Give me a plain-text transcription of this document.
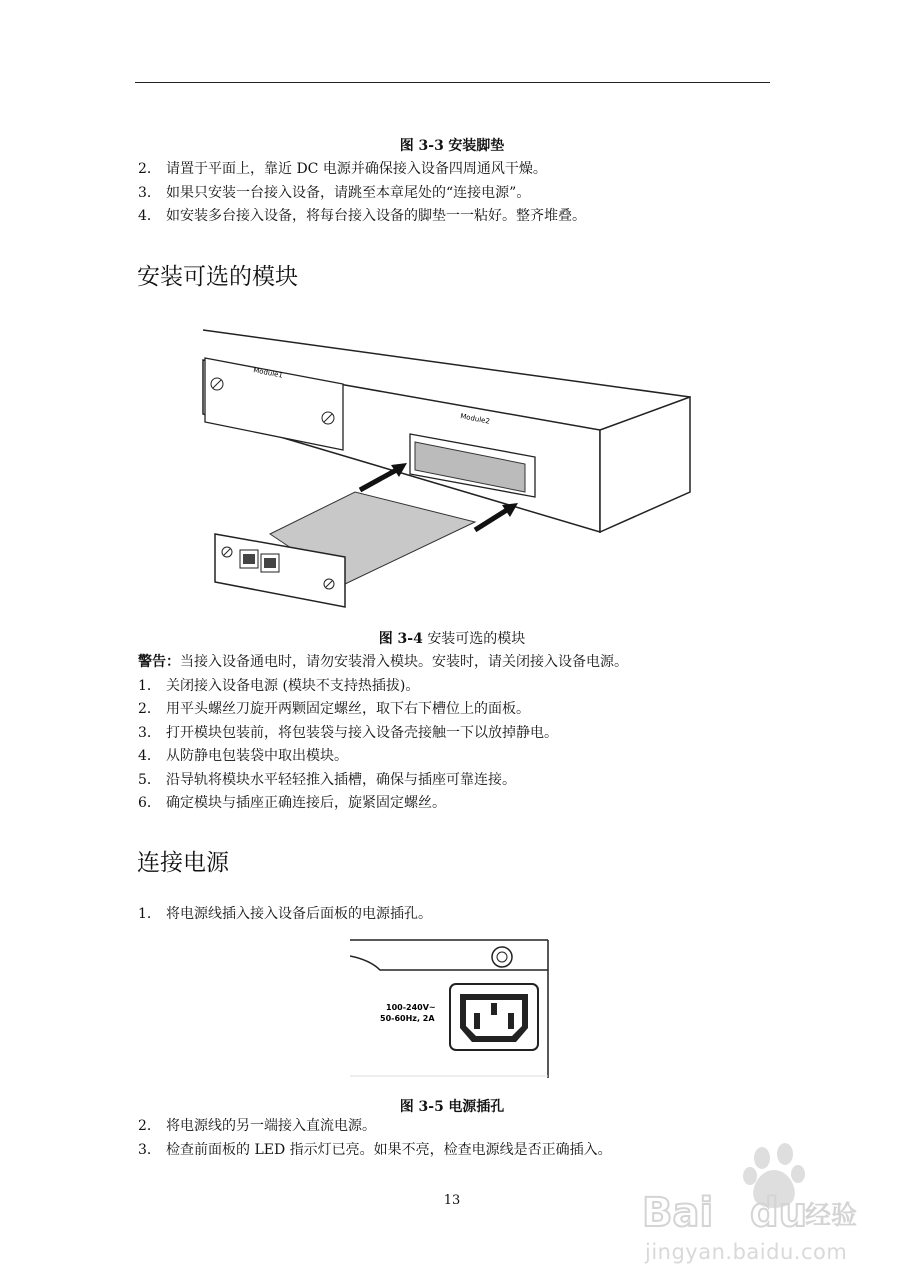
图 3-3 安装脚垫
2． 请置于平面上，靠近 DC 电源并确保接入设备四周通风干燥。
3． 如果只安装一台接入设备，请跳至本章尾处的“连接电源”。
4． 如安装多台接入设备，将每台接入设备的脚垫一一粘好。整齐堆叠。
安装可选的模块
Module1
Module2
图 3-4 安装可选的模块
警告：当接入设备通电时，请勿安装滑入模块。安装时，请关闭接入设备电源。
1． 关闭接入设备电源 (模块不支持热插拔)。
2． 用平头螺丝刀旋开两颗固定螺丝，取下右下槽位上的面板。
3． 打开模块包装前，将包装袋与接入设备壳接触一下以放掉静电。
4． 从防静电包装袋中取出模块。
5． 沿导轨将模块水平轻轻推入插槽，确保与插座可靠连接。
6． 确定模块与插座正确连接后，旋紧固定螺丝。
连接电源
1． 将电源线插入接入设备后面板的电源插孔。
100-240V~
50-60Hz, 2A
图 3-5 电源插孔
2． 将电源线的另一端接入直流电源。
3． 检查前面板的 LED 指示灯已亮。如果不亮，检查电源线是否正确插入。
13	Bai du
经验
jingyan.baidu.com
